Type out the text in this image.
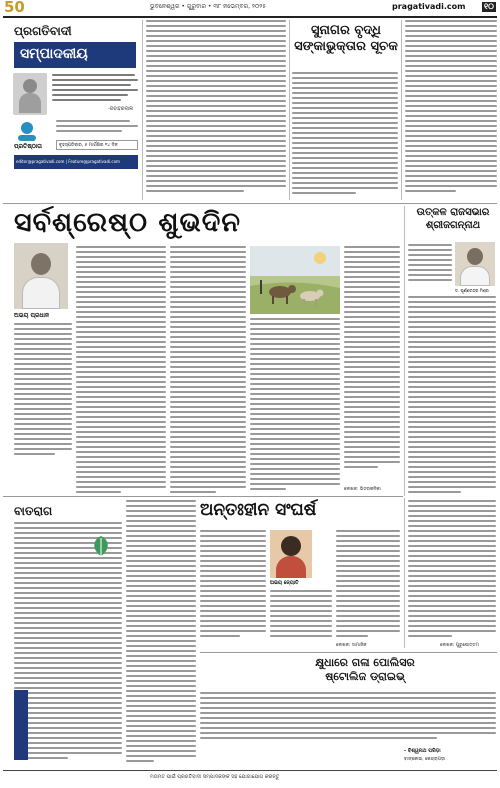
50	ଭୁବନେଶ୍ୱର • ଗୁରୁବାର • ୩୮ ନଭେମ୍ବର, ୨୦୨୫	pragativadi.com ୧୦
ପ୍ରଗତିବାଦୀ
ସମ୍ପାଦକୀୟ
-ଜବାହରଲାଲ
ପ୍ରତିଷ୍ଠାତା	ବୃହସ୍ପତିବାର, ୫ ମାର୍ଗଶିର ୧୪ ଦିନ
editor@pragativadi.com | Feature@pragativadi.com
ସୁନାଗର ବୃଦ୍ଧି
ସଙ୍କାଭୁକ୍ତାର ସୂଚକ
ସର୍ବଶ୍ରେଷ୍ଠ ଶୁଭଦିନ
ଅଭୟ ପ୍ରଧାନ
ଲେଖକ: ଭିତରକନିକା
ଉତ୍କଳ ରାଜସଭାର
ଶ୍ରୀଜଗନ୍ନାଥ
ଡ. ପୂର୍ଣ୍ଣଚନ୍ଦ୍ର ମିଶ୍ର
ବାତରାଗ
ବାଲ୍ୟମାରଣ
ଅନ୍ତଃହୀନ ସଂଘର୍ଷ
ଅଭୟ ଜ୍ୟୋତି
ଲେଖକ: ସାମାଜିକ	ଲେଖକ: ପୁରୁଷୋତ୍ତମ
କ୍ଷୁଧାରେ ଗଳା ପୋଲିସର
ଷ୍ଟୋଲିଜ ଡ୍ରାଇଭ୍
- ବିଶ୍ୱନାଥ ପରିଡ଼ା
ବାଙ୍କୋଇ, କେନ୍ଦ୍ରାପଡ଼ା
ମତାମତ ପାଇଁ ପ୍ରଗତିବାଦୀ ସମ୍ପାଦକଙ୍କ ସହ ଯୋଗାଯୋଗ କରନ୍ତୁ
